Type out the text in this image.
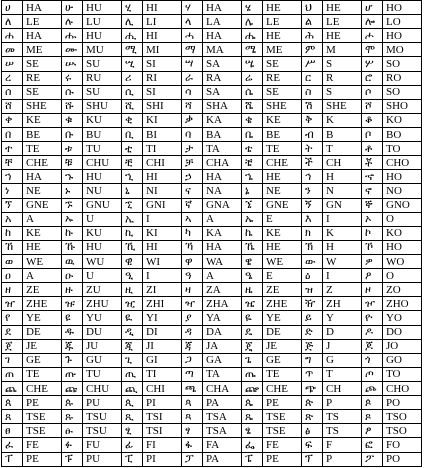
ሀ	HA	ሁ	HU	ሂ	HI	ሃ	HA	ሄ	HE	ህ	HE	ሆ	HO
ለ	LE	ሉ	LU	ሊ	LI	ላ	LA	ሌ	LE	ል	LE	ሎ	LO
ሐ	HA	ሑ	HU	ሒ	HI	ሓ	HA	ሔ	HE	ሕ	HE	ሖ	HO
መ	ME	ሙ	MU	ሚ	MI	ማ	MA	ሜ	ME	ም	M	ሞ	MO
ሠ	SE	ሡ	SU	ሢ	SI	ሣ	SA	ሤ	SE	ሥ	S	ሦ	SO
ረ	RE	ሩ	RU	ሪ	RI	ራ	RA	ሬ	RE	ር	R	ሮ	RO
ሰ	SE	ሱ	SU	ሲ	SI	ሳ	SA	ሴ	SE	ስ	S	ሶ	SO
ሸ	SHE	ሹ	SHU	ሺ	SHI	ሻ	SHA	ሼ	SHE	ሽ	SHE	ሾ	SHO
ቀ	KE	ቁ	KU	ቂ	KI	ቃ	KA	ቄ	KE	ቅ	K	ቆ	KO
በ	BE	ቡ	BU	ቢ	BI	ባ	BA	ቤ	BE	ብ	B	ቦ	BO
ተ	TE	ቱ	TU	ቲ	TI	ታ	TA	ቴ	TE	ት	T	ቶ	TO
ቸ	CHE	ቹ	CHU	ቺ	CHI	ቻ	CHA	ቼ	CHE	ች	CH	ቾ	CHO
ኀ	HA	ኁ	HU	ኂ	HI	ኃ	HA	ኄ	HE	ኅ	H	ኆ	HO
ነ	NE	ኑ	NU	ኒ	NI	ና	NA	ኔ	NE	ን	N	ኖ	NO
ኘ	GNE	ኙ	GNU	ኚ	GNI	ኛ	GNA	ኜ	GNE	ኝ	GN	ኞ	GNO
አ	A	ኡ	U	ኢ	I	ኣ	A	ኤ	E	እ	I	ኦ	O
ከ	KE	ኩ	KU	ኪ	KI	ካ	KA	ኬ	KE	ክ	K	ኮ	KO
ኸ	HE	ኹ	HU	ኺ	HI	ኻ	HA	ኼ	HE	ኽ	H	ኾ	HO
ወ	WE	ዉ	WU	ዊ	WI	ዋ	WA	ዌ	WE	ው	W	ዎ	WO
ዐ	A	ዑ	U	ዒ	I	ዓ	A	ዔ	E	ዕ	I	ዖ	O
ዘ	ZE	ዙ	ZU	ዚ	ZI	ዛ	ZA	ዜ	ZE	ዝ	Z	ዞ	ZO
ዠ	ZHE	ዡ	ZHU	ዢ	ZHI	ዣ	ZHA	ዤ	ZHE	ዥ	ZH	ዦ	ZHO
የ	YE	ዩ	YU	ዪ	YI	ያ	YA	ዬ	YE	ይ	Y	ዮ	YO
ደ	DE	ዱ	DU	ዲ	DI	ዳ	DA	ዴ	DE	ድ	D	ዶ	DO
ጀ	JE	ጁ	JU	ጂ	JI	ጃ	JA	ጄ	JE	ጅ	J	ጆ	JO
ገ	GE	ጉ	GU	ጊ	GI	ጋ	GA	ጌ	GE	ግ	G	ጎ	GO
ጠ	TE	ጡ	TU	ጢ	TI	ጣ	TA	ጤ	TE	ጥ	T	ጦ	TO
ጨ	CHE	ጩ	CHU	ጪ	CHI	ጫ	CHA	ጬ	CHE	ጭ	CH	ጮ	CHO
ጰ	PE	ጱ	PU	ጲ	PI	ጳ	PA	ጴ	PE	ጵ	P	ጶ	PO
ጸ	TSE	ጹ	TSU	ጺ	TSI	ጻ	TSA	ጼ	TSE	ጽ	TS	ጾ	TSO
ፀ	TSE	ፁ	TSU	ፂ	TSI	ፃ	TSA	ፄ	TSE	ፅ	TS	ፆ	TSO
ፈ	FE	ፉ	FU	ፊ	FI	ፋ	FA	ፌ	FE	ፍ	F	ፎ	FO
ፐ	PE	ፑ	PU	ፒ	PI	ፓ	PA	ፔ	PE	ፕ	P	ፖ	PO
